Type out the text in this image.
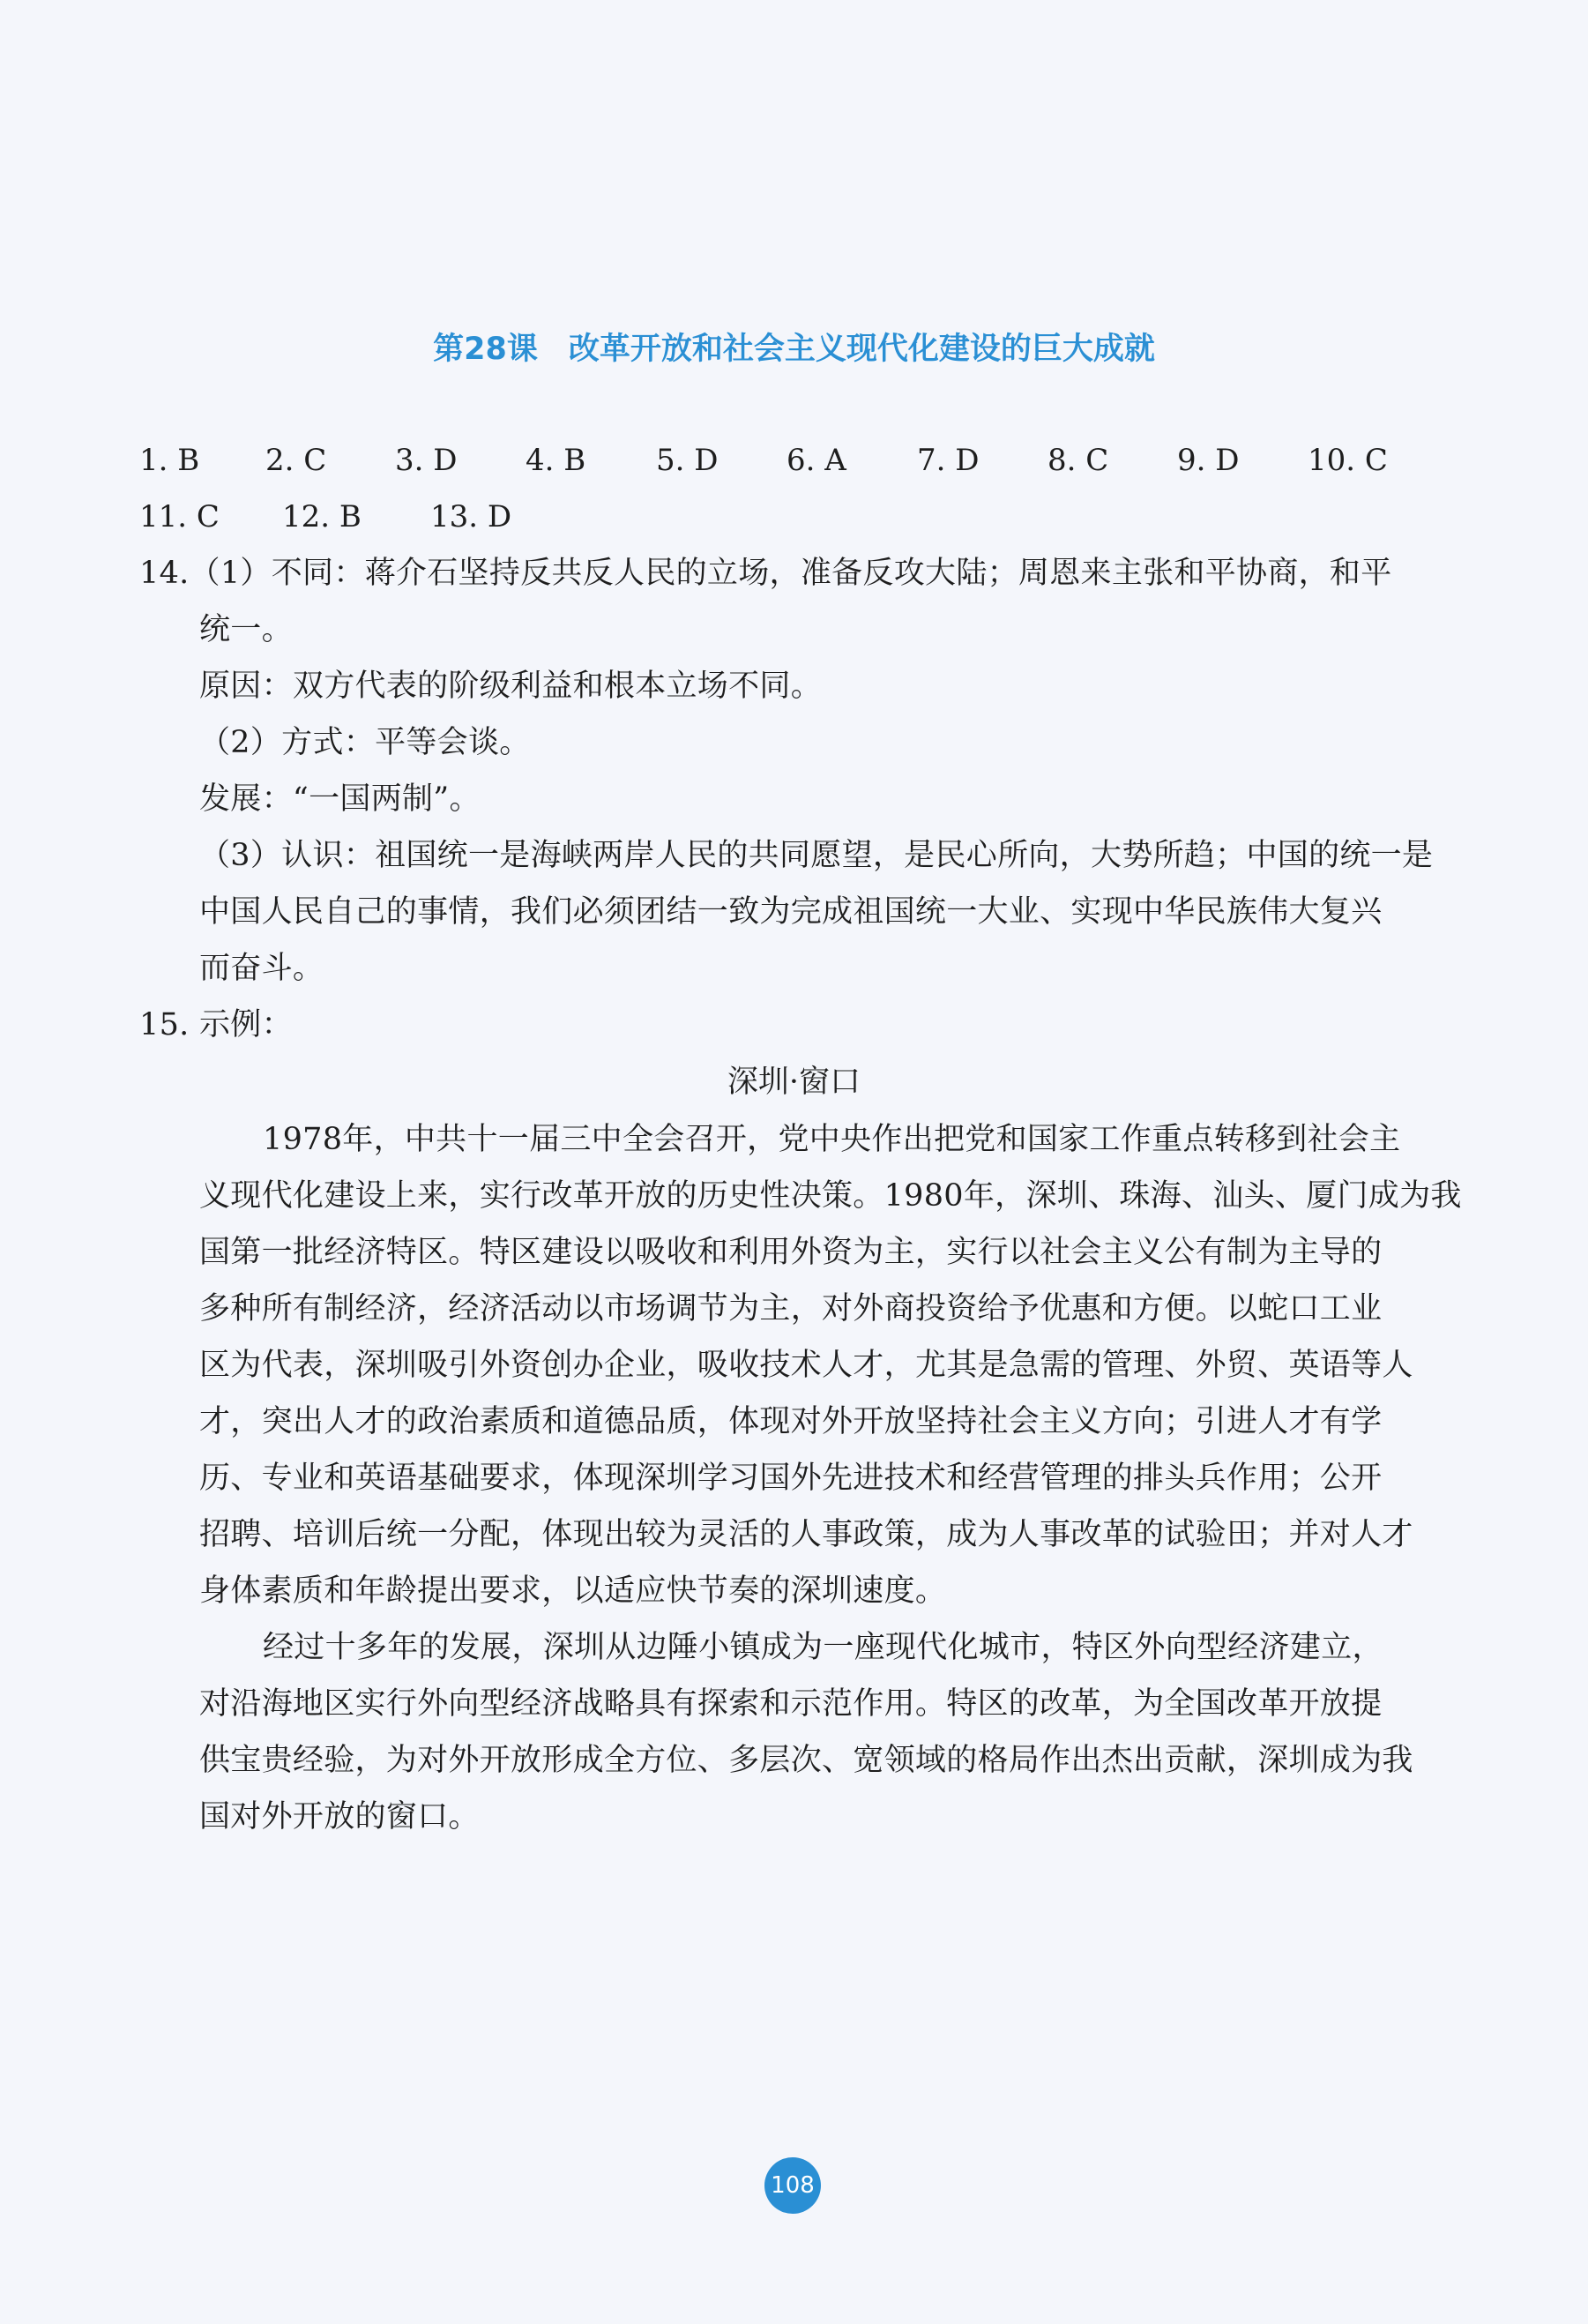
第28课　改革开放和社会主义现代化建设的巨大成就
1. B 2. C 3. D 4. B 5. D 6. A 7. D 8. C 9. D 10. C
11. C 12. B 13. D
14.（1）不同：蒋介石坚持反共反人民的立场，准备反攻大陆；周恩来主张和平协商，和平
统一。
原因：双方代表的阶级利益和根本立场不同。
（2）方式：平等会谈。
发展：“一国两制”。
（3）认识：祖国统一是海峡两岸人民的共同愿望，是民心所向，大势所趋；中国的统一是
中国人民自己的事情，我们必须团结一致为完成祖国统一大业、实现中华民族伟大复兴
而奋斗。
15. 示例：
深圳·窗口
1978年，中共十一届三中全会召开，党中央作出把党和国家工作重点转移到社会主
义现代化建设上来，实行改革开放的历史性决策。1980年，深圳、珠海、汕头、厦门成为我
国第一批经济特区。特区建设以吸收和利用外资为主，实行以社会主义公有制为主导的
多种所有制经济，经济活动以市场调节为主，对外商投资给予优惠和方便。以蛇口工业
区为代表，深圳吸引外资创办企业，吸收技术人才，尤其是急需的管理、外贸、英语等人
才，突出人才的政治素质和道德品质，体现对外开放坚持社会主义方向；引进人才有学
历、专业和英语基础要求，体现深圳学习国外先进技术和经营管理的排头兵作用；公开
招聘、培训后统一分配，体现出较为灵活的人事政策，成为人事改革的试验田；并对人才
身体素质和年龄提出要求，以适应快节奏的深圳速度。
经过十多年的发展，深圳从边陲小镇成为一座现代化城市，特区外向型经济建立，
对沿海地区实行外向型经济战略具有探索和示范作用。特区的改革，为全国改革开放提
供宝贵经验，为对外开放形成全方位、多层次、宽领域的格局作出杰出贡献，深圳成为我
国对外开放的窗口。
108
